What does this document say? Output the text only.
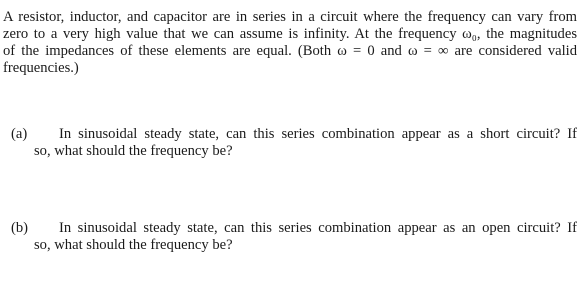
A resistor, inductor, and capacitor are in series in a circuit where the frequency can vary from
zero to a very high value that we can assume is infinity. At the frequency ω₀, the magnitudes
of the impedances of these elements are equal. (Both ω = 0 and ω = ∞ are considered valid
frequencies.)
(a)	In sinusoidal steady state, can this series combination appear as a short circuit? If
so, what should the frequency be?
(b)	In sinusoidal steady state, can this series combination appear as an open circuit? If
so, what should the frequency be?
